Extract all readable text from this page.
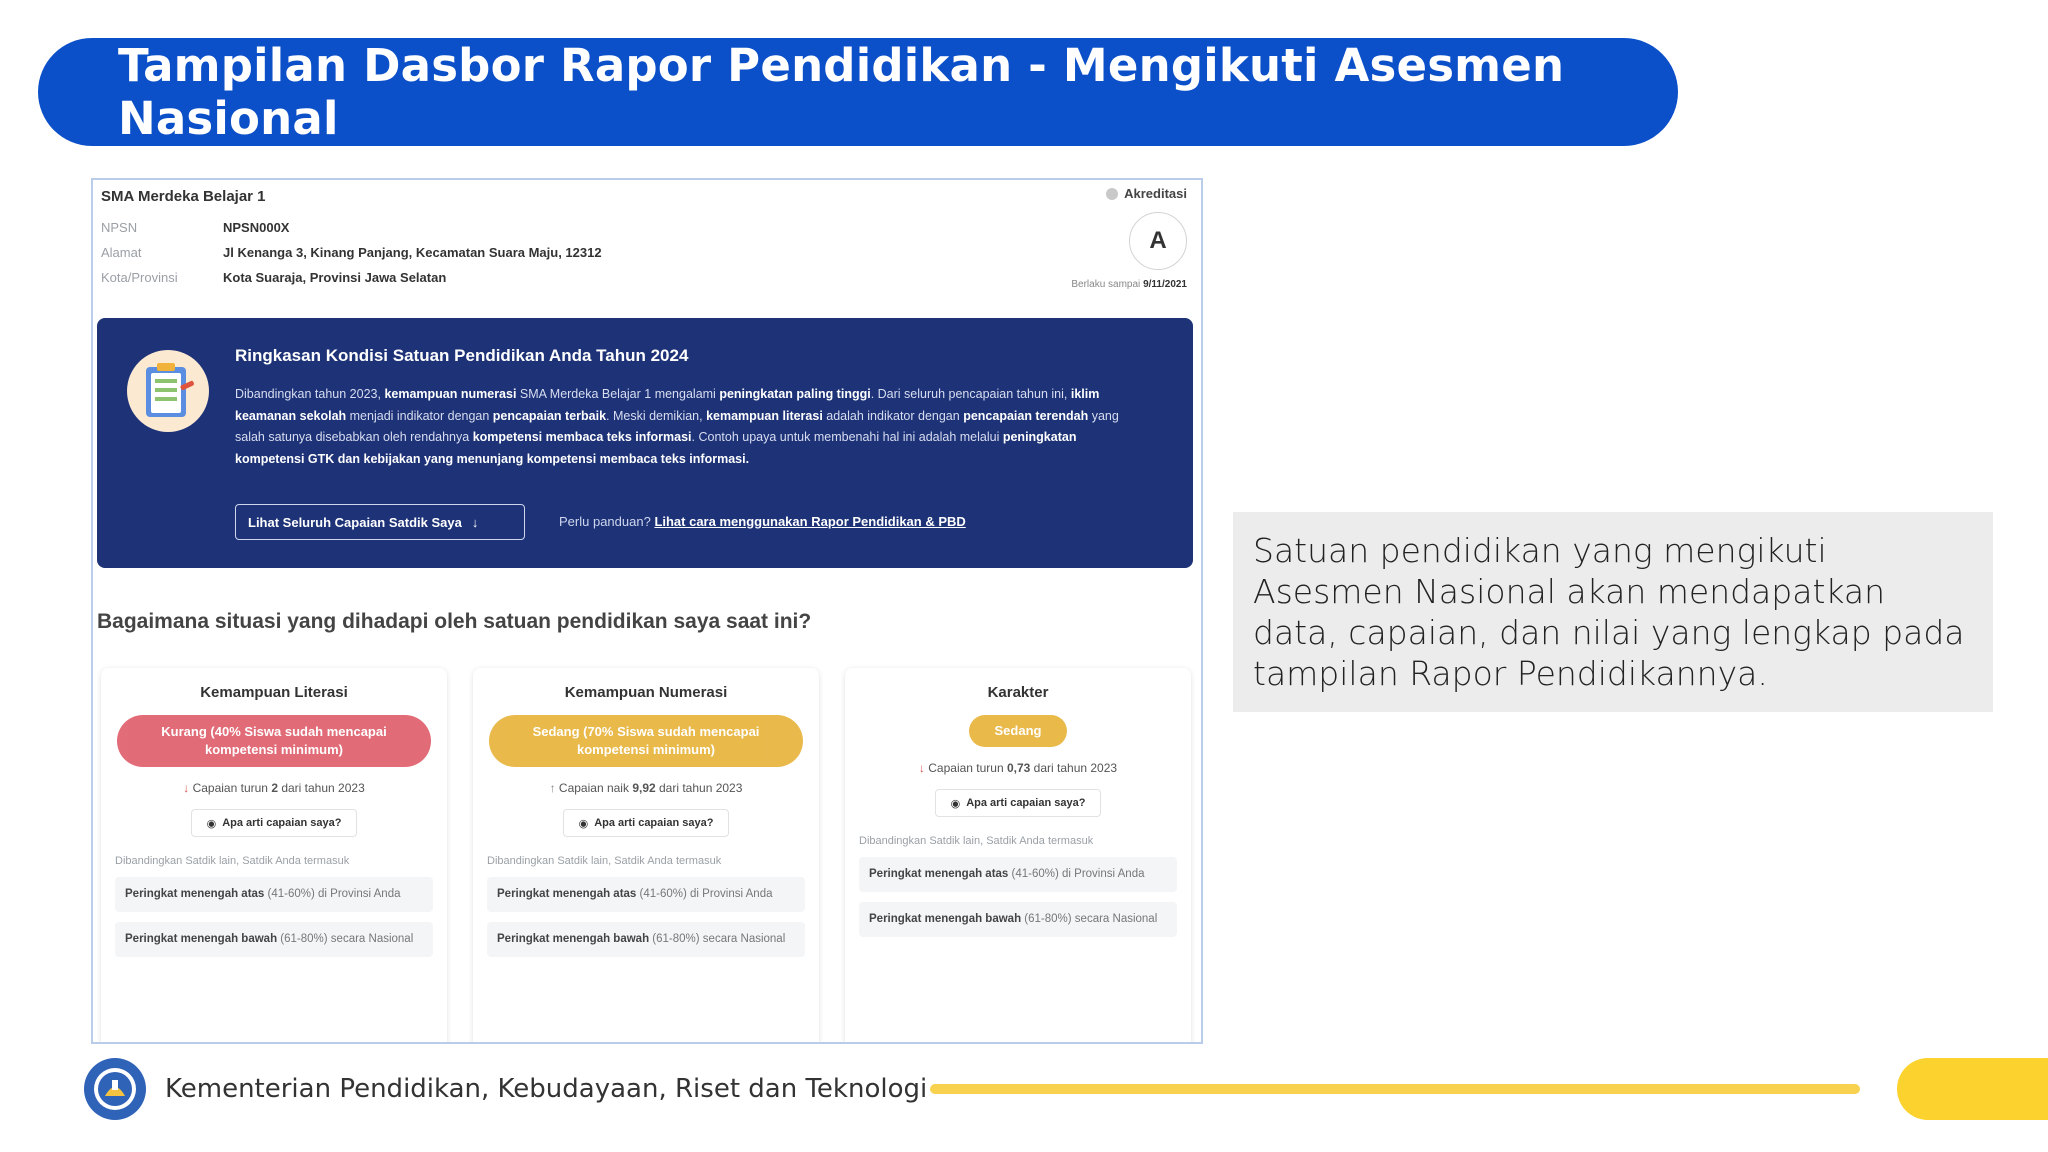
Tampilan Dasbor Rapor Pendidikan - Mengikuti Asesmen Nasional
SMA Merdeka Belajar 1
NPSN	NPSN000X
Alamat	Jl Kenanga 3, Kinang Panjang, Kecamatan Suara Maju, 12312
Kota/Provinsi	Kota Suaraja, Provinsi Jawa Selatan
Akreditasi
A
Berlaku sampai 9/11/2021
Ringkasan Kondisi Satuan Pendidikan Anda Tahun 2024
Dibandingkan tahun 2023, kemampuan numerasi SMA Merdeka Belajar 1 mengalami peningkatan paling tinggi. Dari seluruh pencapaian tahun ini, iklim keamanan sekolah menjadi indikator dengan pencapaian terbaik. Meski demikian, kemampuan literasi adalah indikator dengan pencapaian terendah yang salah satunya disebabkan oleh rendahnya kompetensi membaca teks informasi. Contoh upaya untuk membenahi hal ini adalah melalui peningkatan kompetensi GTK dan kebijakan yang menunjang kompetensi membaca teks informasi.
Lihat Seluruh Capaian Satdik Saya ↓	Perlu panduan? Lihat cara menggunakan Rapor Pendidikan & PBD
Bagaimana situasi yang dihadapi oleh satuan pendidikan saya saat ini?
Kemampuan Literasi
Kurang (40% Siswa sudah mencapai kompetensi minimum)
↓ Capaian turun 2 dari tahun 2023
◉ Apa arti capaian saya?
Dibandingkan Satdik lain, Satdik Anda termasuk
Peringkat menengah atas (41-60%) di Provinsi Anda
Peringkat menengah bawah (61-80%) secara Nasional
Kemampuan Numerasi
Sedang (70% Siswa sudah mencapai kompetensi minimum)
↑ Capaian naik 9,92 dari tahun 2023
◉ Apa arti capaian saya?
Dibandingkan Satdik lain, Satdik Anda termasuk
Peringkat menengah atas (41-60%) di Provinsi Anda
Peringkat menengah bawah (61-80%) secara Nasional
Karakter
Sedang
↓ Capaian turun 0,73 dari tahun 2023
◉ Apa arti capaian saya?
Dibandingkan Satdik lain, Satdik Anda termasuk
Peringkat menengah atas (41-60%) di Provinsi Anda
Peringkat menengah bawah (61-80%) secara Nasional

Satuan pendidikan yang mengikuti Asesmen Nasional akan mendapatkan data, capaian, dan nilai yang lengkap pada tampilan Rapor Pendidikannya.

Kementerian Pendidikan, Kebudayaan, Riset dan Teknologi
